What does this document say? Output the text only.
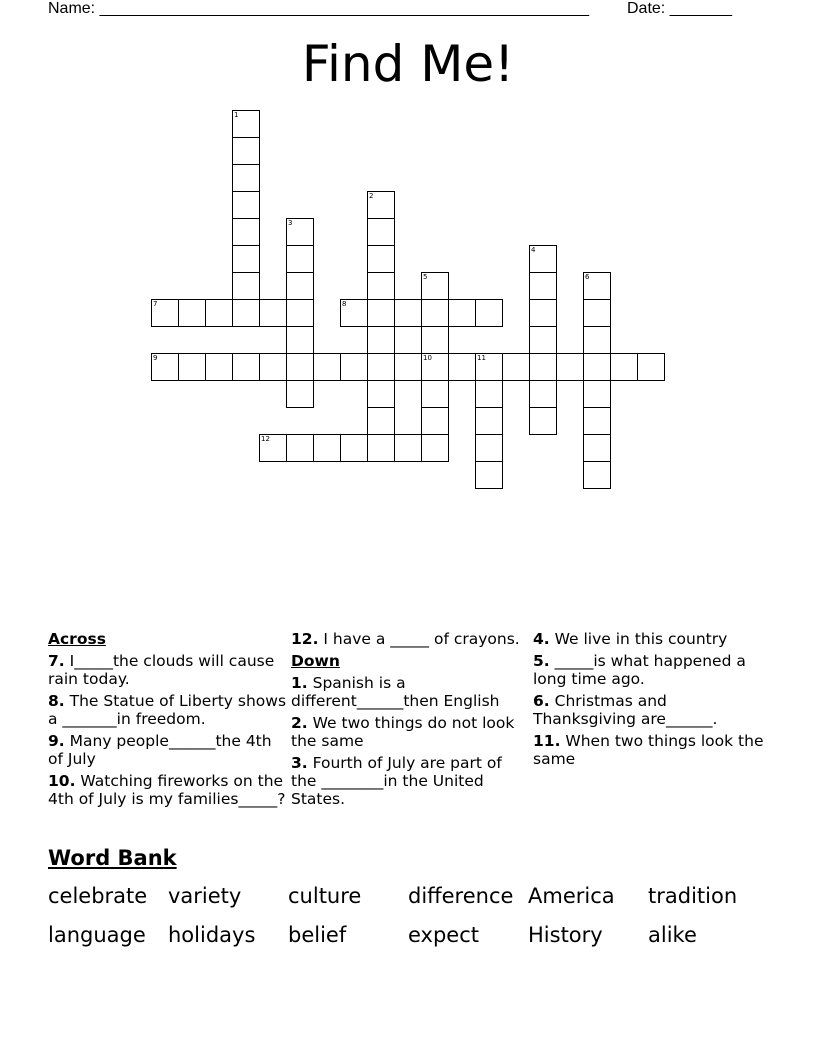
Name: _______________________________________________________ Date: _______
Find Me!
1
2
3
4
5
10
6
7	8
9	11
12
Across
7. I_____the clouds will cause rain today.
8. The Statue of Liberty shows a _______in freedom.
9. Many people______the 4th of July
10. Watching fireworks on the 4th of July is my families_____?
12. I have a _____ of crayons.
Down
1. Spanish is a different______then English
2. We two things do not look the same
3. Fourth of July are part of the ________in the United States.
4. We live in this country
5. _____is what happened a long time ago.
6. Christmas and Thanksgiving are______.
11. When two things look the same
Word Bank
celebrate variety culture difference America tradition
language holidays belief	expect History alike
